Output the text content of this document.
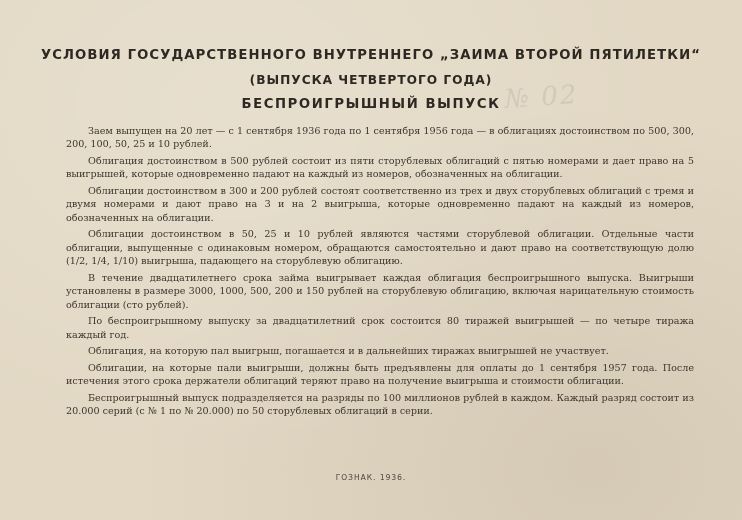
№ 02
УСЛОВИЯ ГОСУДАРСТВЕННОГО ВНУТРЕННЕГО „ЗАИМА ВТОРОЙ ПЯТИЛЕТКИ“
(ВЫПУСКА ЧЕТВЕРТОГО ГОДА)
БЕСПРОИГРЫШНЫЙ ВЫПУСК

Заем выпущен на 20 лет — с 1 сентября 1936 года по 1 сентября 1956 года — в облигациях достоинством по 500, 300, 200, 100, 50, 25 и 10 рублей.

Облигация достоинством в 500 рублей состоит из пяти сторублевых облигаций с пятью номерами и дает право на 5 выигрышей, которые одновременно падают на каждый из номеров, обозначенных на облигации.

Облигации достоинством в 300 и 200 рублей состоят соответственно из трех и двух сторублевых облигаций с тремя и двумя номерами и дают право на 3 и на 2 выигрыша, которые одновременно падают на каждый из номеров, обозначенных на облигации.

Облигации достоинством в 50, 25 и 10 рублей являются частями сторублевой облигации. Отдельные части облигации, выпущенные с одинаковым номером, обращаются самостоятельно и дают право на соответствующую долю (1/2, 1/4, 1/10) выигрыша, падающего на сторублевую облигацию.

В течение двадцатилетнего срока займа выигрывает каждая облигация беспроигрышного выпуска. Выигрыши установлены в размере 3000, 1000, 500, 200 и 150 рублей на сторублевую облигацию, включая нарицательную стоимость облигации (сто рублей).

По беспроигрышному выпуску за двадцатилетний срок состоится 80 тиражей выигрышей — по четыре тиража каждый год.

Облигация, на которую пал выигрыш, погашается и в дальнейших тиражах выигрышей не участвует.

Облигации, на которые пали выигрыши, должны быть предъявлены для оплаты до 1 сентября 1957 года. После истечения этого срока держатели облигаций теряют право на получение выигрыша и стоимости облигации.

Беспроигрышный выпуск подразделяется на разряды по 100 миллионов рублей в каждом. Каждый разряд состоит из 20.000 серий (с № 1 по № 20.000) по 50 сторублевых облигаций в серии.

ГОЗНАК. 1936.
